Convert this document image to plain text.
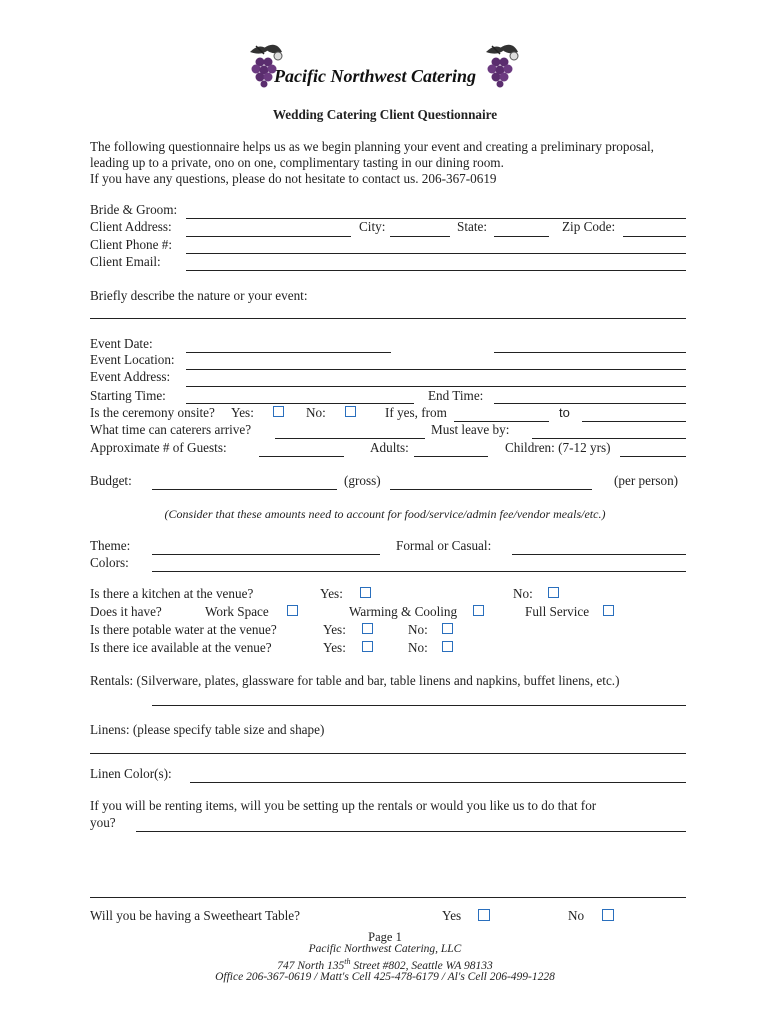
Pacific Northwest Catering
Wedding Catering Client Questionnaire
The following questionnaire helps us as we begin planning your event and creating a preliminary proposal,
leading up to a private, ono on one, complimentary tasting in our dining room.
If you have any questions, please do not hesitate to contact us. 206-367-0619
Bride & Groom:
Client Address:	City:	State:	Zip Code:
Client Phone #:
Client Email:
Briefly describe the nature or your event:
Event Date:
Event Location:
Event Address:
Starting Time:	End Time:
Is the ceremony onsite? Yes:	No:	If yes, from	to
What time can caterers arrive?	Must leave by:
Approximate # of Guests:	Adults:	Children: (7-12 yrs)
Budget:	(gross)	(per person)
(Consider that these amounts need to account for food/service/admin fee/vendor meals/etc.)
Theme:	Formal or Casual:
Colors:
Is there a kitchen at the venue?	Yes:	No:
Does it have?	Work Space	Warming & Cooling	Full Service
Is there potable water at the venue?	Yes:	No:
Is there ice available at the venue?	Yes:	No:
Rentals: (Silverware, plates, glassware for table and bar, table linens and napkins, buffet linens, etc.)
Linens: (please specify table size and shape)
Linen Color(s):
If you will be renting items, will you be setting up the rentals or would you like us to do that for
you?
Will you be having a Sweetheart Table?	Yes	No
Page 1
Pacific Northwest Catering, LLC
747 North 135th Street #802, Seattle WA 98133
Office 206-367-0619 / Matt's Cell 425-478-6179 / Al's Cell 206-499-1228
